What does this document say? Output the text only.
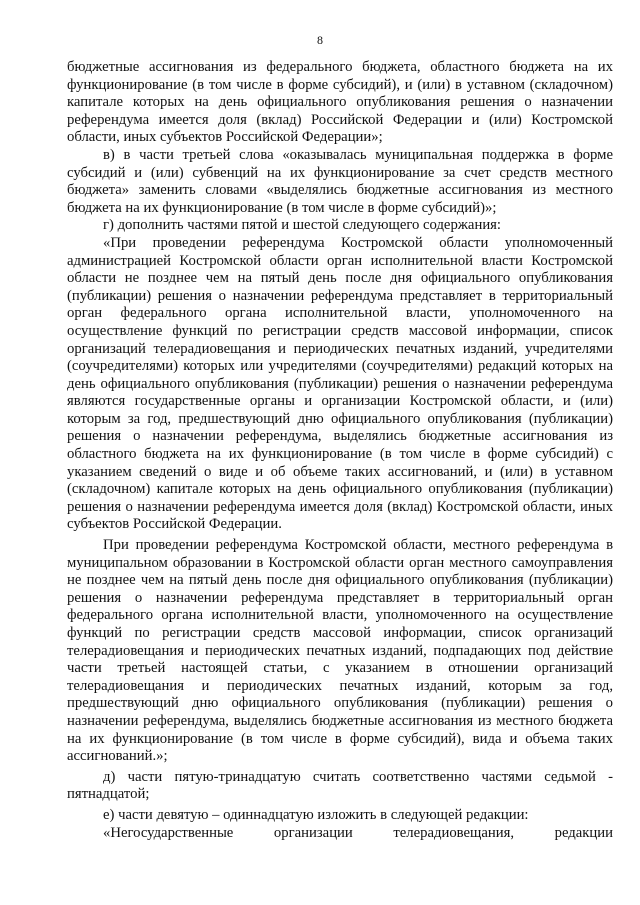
8

бюджетные ассигнования из федерального бюджета, областного бюджета на их функционирование (в том числе в форме субсидий), и (или) в уставном (складочном) капитале которых на день официального опубликования решения о назначении референдума имеется доля (вклад) Российской Федерации и (или) Костромской области, иных субъектов Российской Федерации»;

в) в части третьей слова «оказывалась муниципальная поддержка в форме субсидий и (или) субвенций на их функционирование за счет средств местного бюджета» заменить словами «выделялись бюджетные ассигнования из местного бюджета на их функционирование (в том числе в форме субсидий)»;

г) дополнить частями пятой и шестой следующего содержания:

«При проведении референдума Костромской области уполномоченный администрацией Костромской области орган исполнительной власти Костромской области не позднее чем на пятый день после дня официального опубликования (публикации) решения о назначении референдума представляет в территориальный орган федерального органа исполнительной власти, уполномоченного на осуществление функций по регистрации средств массовой информации, список организаций телерадиовещания и периодических печатных изданий, учредителями (соучредителями) которых или учредителями (соучредителями) редакций которых на день официального опубликования (публикации) решения о назначении референдума являются государственные органы и организации Костромской области, и (или) которым за год, предшествующий дню официального опубликования (публикации) решения о назначении референдума, выделялись бюджетные ассигнования из областного бюджета на их функционирование (в том числе в форме субсидий) с указанием сведений о виде и об объеме таких ассигнований, и (или) в уставном (складочном) капитале которых на день официального опубликования (публикации) решения о назначении референдума имеется доля (вклад) Костромской области, иных субъектов Российской Федерации.

При проведении референдума Костромской области, местного референдума в муниципальном образовании в Костромской области орган местного самоуправления не позднее чем на пятый день после дня официального опубликования (публикации) решения о назначении референдума представляет в территориальный орган федерального органа исполнительной власти, уполномоченного на осуществление функций по регистрации средств массовой информации, список организаций телерадиовещания и периодических печатных изданий, подпадающих под действие части третьей настоящей статьи, с указанием в отношении организаций телерадиовещания и периодических печатных изданий, которым за год, предшествующий дню официального опубликования (публикации) решения о назначении референдума, выделялись бюджетные ассигнования из местного бюджета на их функционирование (в том числе в форме субсидий), вида и объема таких ассигнований.»;

д) части пятую-тринадцатую считать соответственно частями седьмой - пятнадцатой;

е) части девятую – одиннадцатую изложить в следующей редакции:

«Негосударственные организации телерадиовещания, редакции
